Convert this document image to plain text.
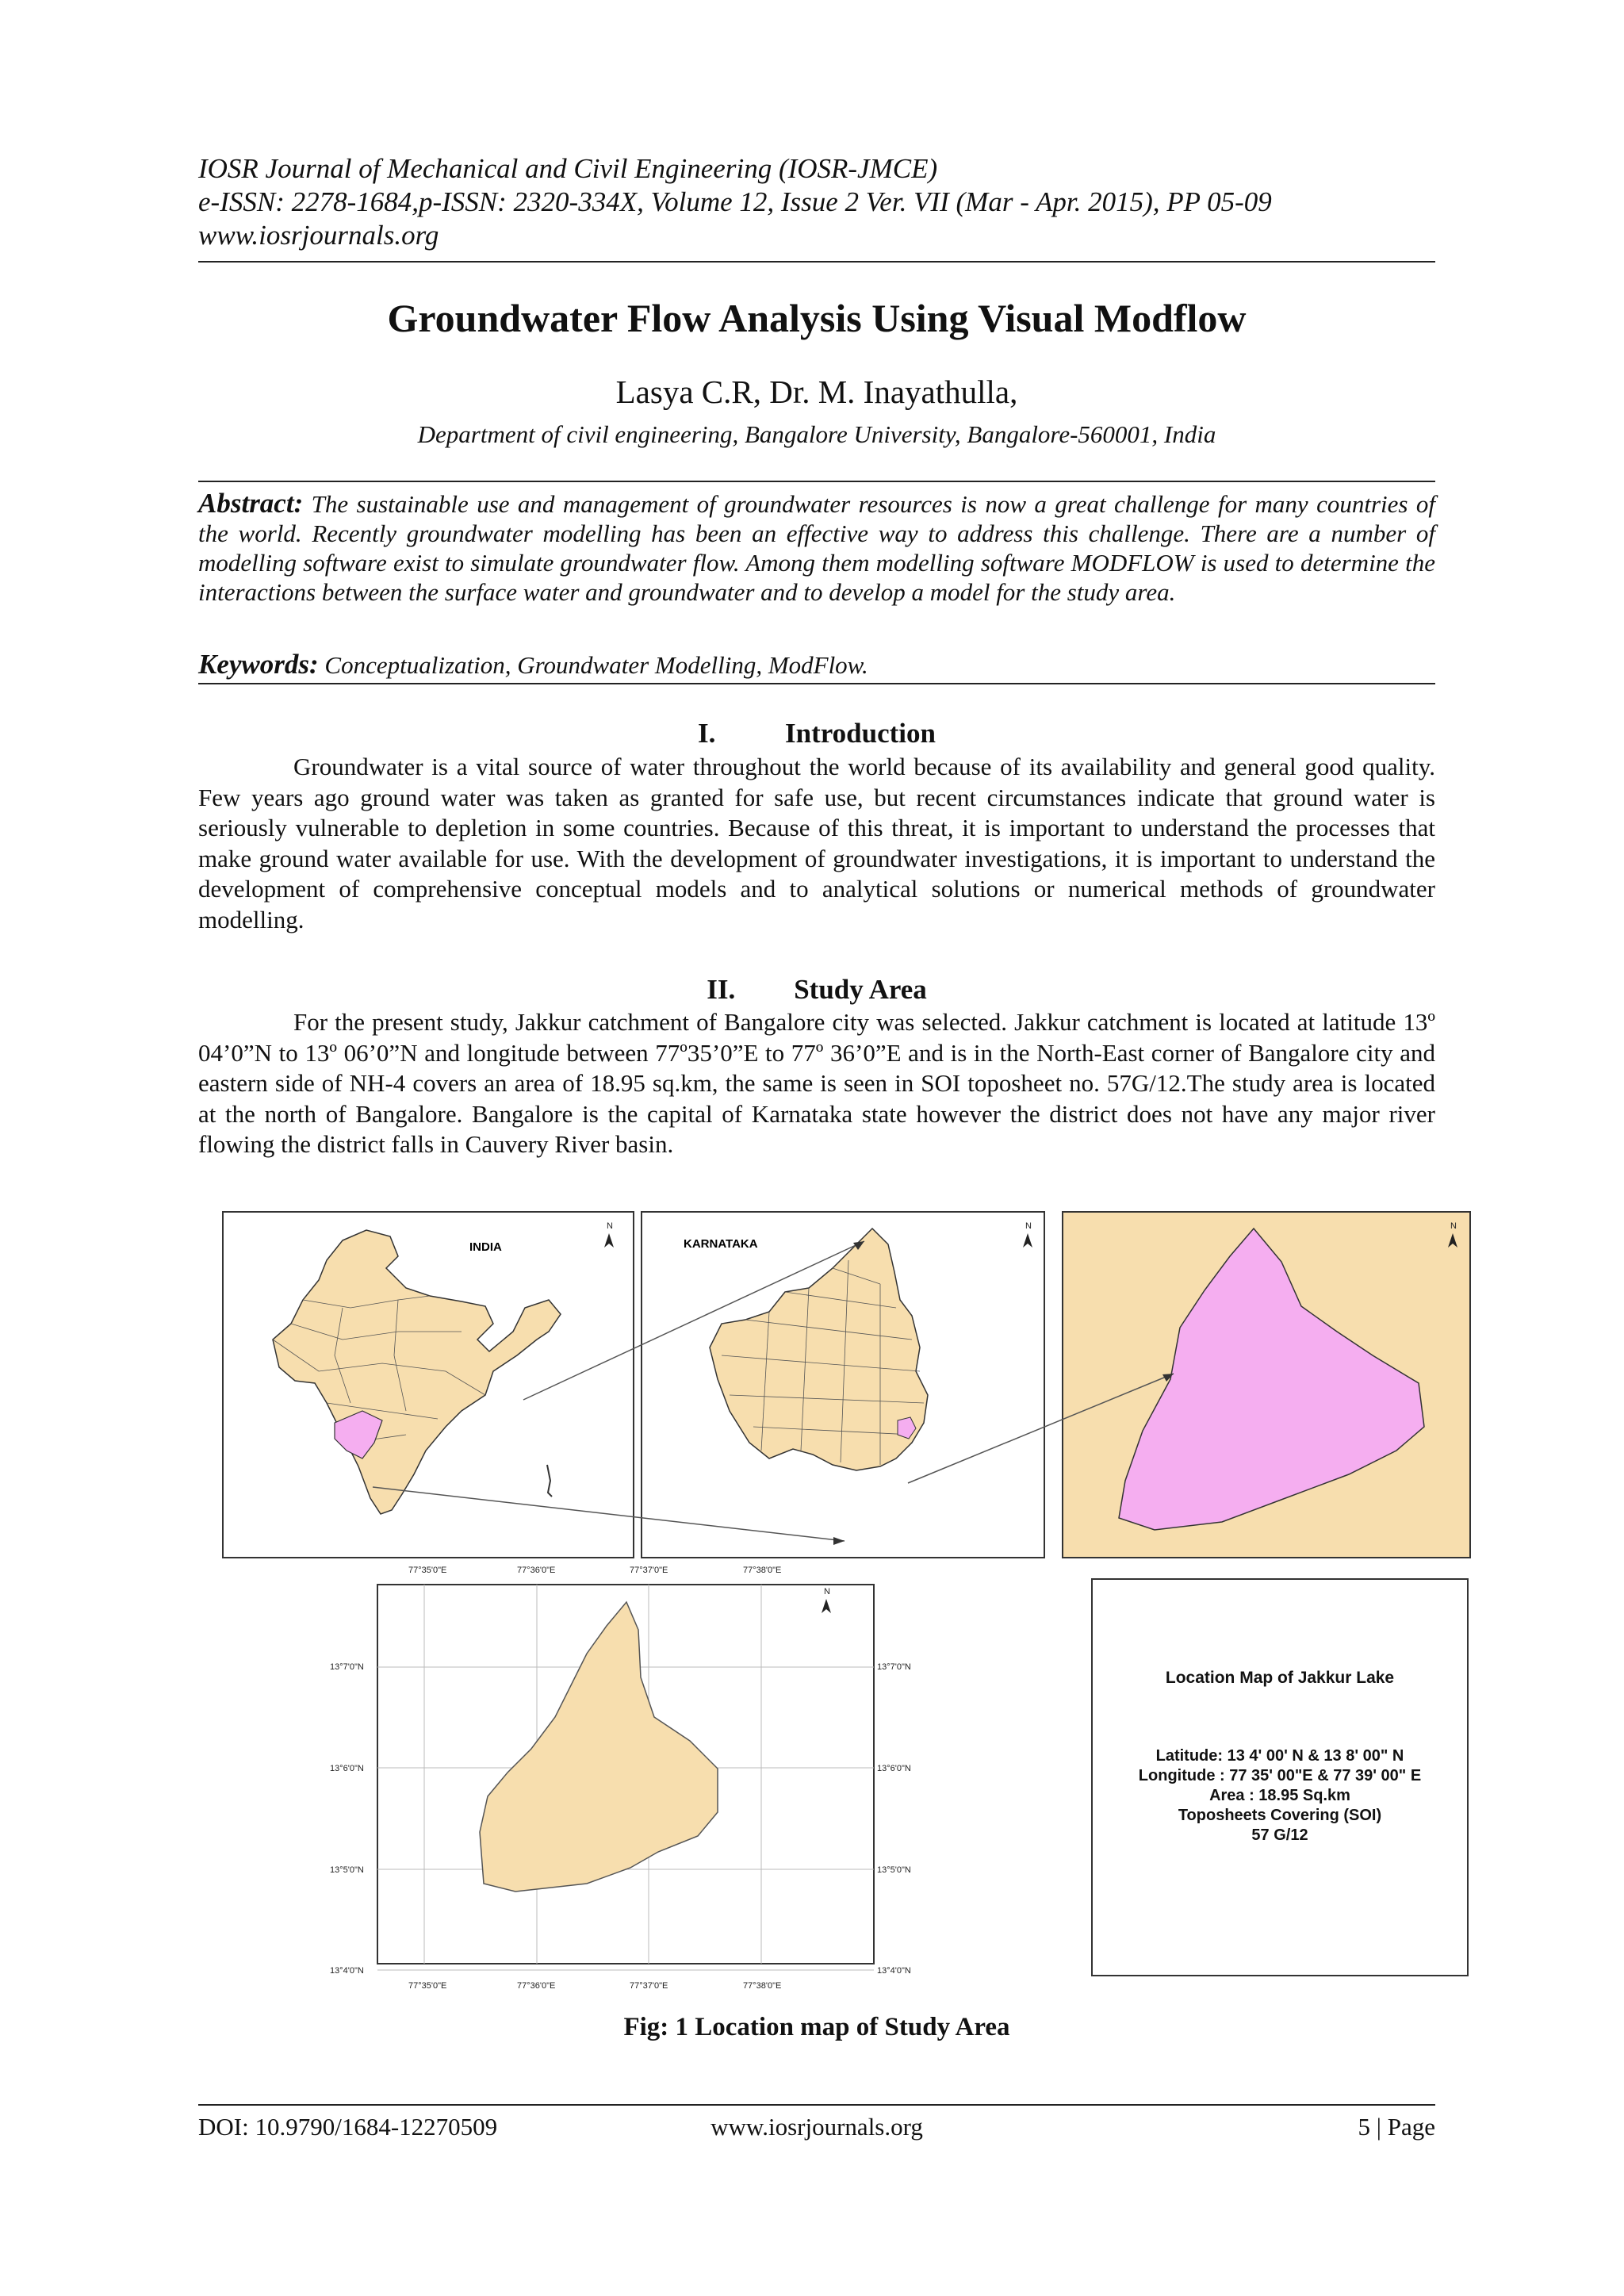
IOSR Journal of Mechanical and Civil Engineering (IOSR-JMCE)
e-ISSN: 2278-1684,p-ISSN: 2320-334X, Volume 12, Issue 2 Ver. VII (Mar - Apr. 2015), PP 05-09
www.iosrjournals.org
Groundwater Flow Analysis Using Visual Modflow
Lasya C.R, Dr. M. Inayathulla,
Department of civil engineering, Bangalore University, Bangalore-560001, India
Abstract: The sustainable use and management of groundwater resources is now a great challenge for many countries of the world. Recently groundwater modelling has been an effective way to address this challenge. There are a number of modelling software exist to simulate groundwater flow. Among them modelling software MODFLOW is used to determine the interactions between the surface water and groundwater and to develop a model for the study area.
Keywords: Conceptualization, Groundwater Modelling, ModFlow.
I.	Introduction
Groundwater is a vital source of water throughout the world because of its availability and general good quality. Few years ago ground water was taken as granted for safe use, but recent circumstances indicate that ground water is seriously vulnerable to depletion in some countries. Because of this threat, it is important to understand the processes that make ground water available for use. With the development of groundwater investigations, it is important to understand the development of comprehensive conceptual models and to analytical solutions or numerical methods of groundwater modelling.
II. Study Area
For the present study, Jakkur catchment of Bangalore city was selected. Jakkur catchment is located at latitude 13º 04’0”N to 13º 06’0”N and longitude between 77º35’0”E to 77º 36’0”E and is in the North-East corner of Bangalore city and eastern side of NH-4 covers an area of 18.95 sq.km, the same is seen in SOI toposheet no. 57G/12.The study area is located at the north of Bangalore. Bangalore is the capital of Karnataka state however the district does not have any major river flowing the district falls in Cauvery River basin.
INDIA
N
KARNATAKA
N	N
77°35'0"E	77°36'0"E	77°37'0"E	77°38'0"E
77°35'0"E	77°36'0"E	77°37'0"E	77°38'0"E
13°7'0"N
13°6'0"N
13°5'0"N
13°4'0"N
13°7'0"N
13°6'0"N
13°5'0"N
13°4'0"N
N
Location Map of Jakkur Lake
Latitude: 13 4' 00' N & 13 8' 00" N
Longitude : 77 35' 00"E & 77 39' 00" E
Area : 18.95 Sq.km
Toposheets Covering (SOI)
57 G/12
Fig: 1 Location map of Study Area
DOI: 10.9790/1684-12270509	www.iosrjournals.org	5 | Page
